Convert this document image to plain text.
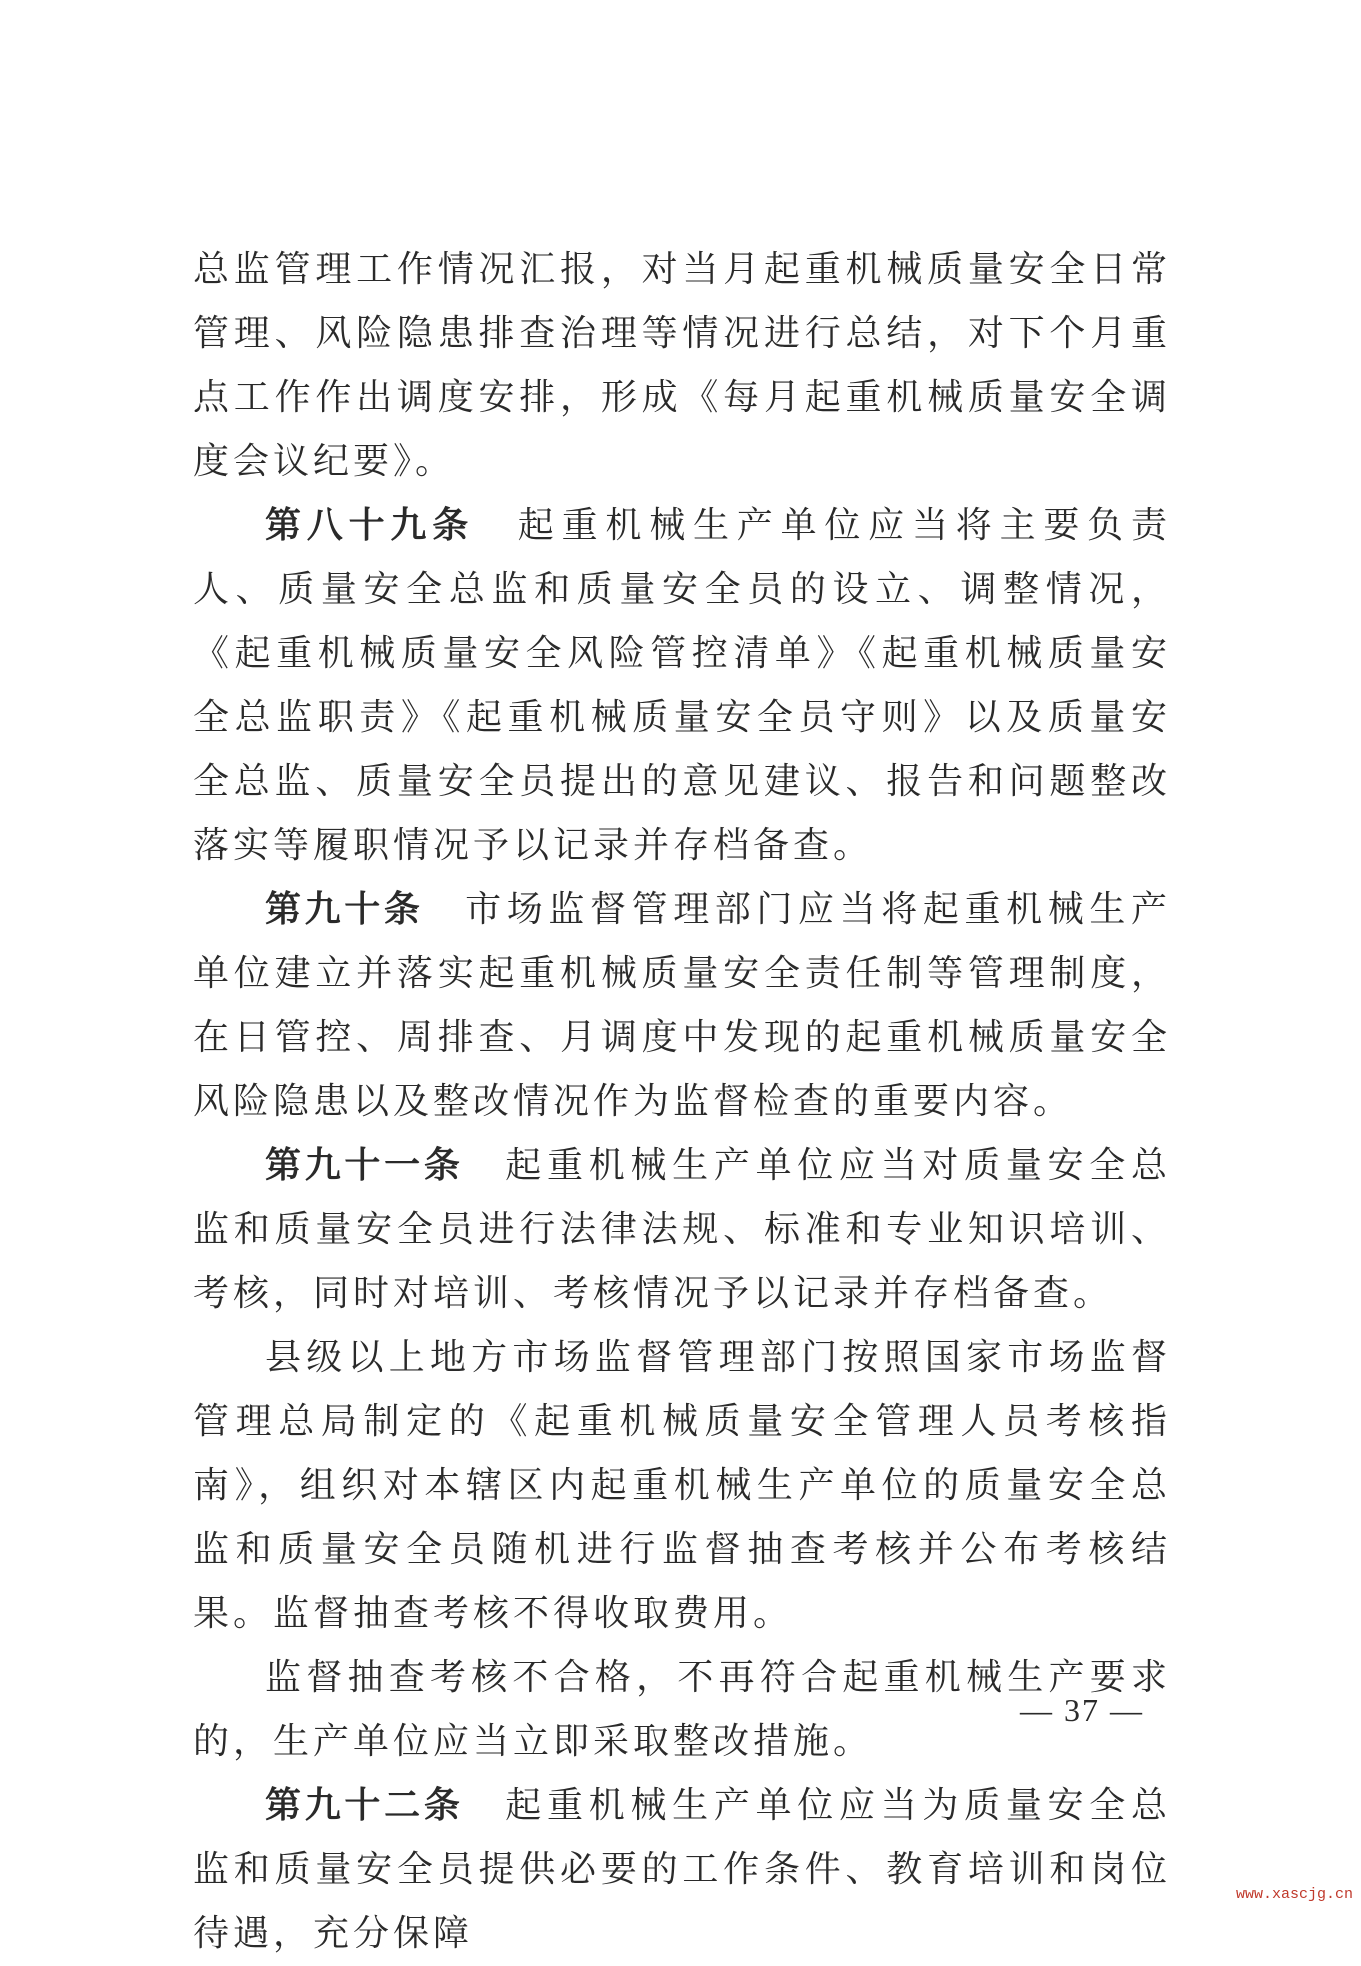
总监管理工作情况汇报，对当月起重机械质量安全日常管理、风险隐患排查治理等情况进行总结，对下个月重点工作作出调度安排，形成《每月起重机械质量安全调度会议纪要》。

第八十九条 起重机械生产单位应当将主要负责人、质量安全总监和质量安全员的设立、调整情况，《起重机械质量安全风险管控清单》《起重机械质量安全总监职责》《起重机械质量安全员守则》以及质量安全总监、质量安全员提出的意见建议、报告和问题整改落实等履职情况予以记录并存档备查。

第九十条 市场监督管理部门应当将起重机械生产单位建立并落实起重机械质量安全责任制等管理制度，在日管控、周排查、月调度中发现的起重机械质量安全风险隐患以及整改情况作为监督检查的重要内容。

第九十一条 起重机械生产单位应当对质量安全总监和质量安全员进行法律法规、标准和专业知识培训、考核，同时对培训、考核情况予以记录并存档备查。

县级以上地方市场监督管理部门按照国家市场监督管理总局制定的《起重机械质量安全管理人员考核指南》，组织对本辖区内起重机械生产单位的质量安全总监和质量安全员随机进行监督抽查考核并公布考核结果。监督抽查考核不得收取费用。

监督抽查考核不合格，不再符合起重机械生产要求的，生产单位应当立即采取整改措施。

第九十二条 起重机械生产单位应当为质量安全总监和质量安全员提供必要的工作条件、教育培训和岗位待遇，充分保障

— 37 —
www.xascjg.cn
